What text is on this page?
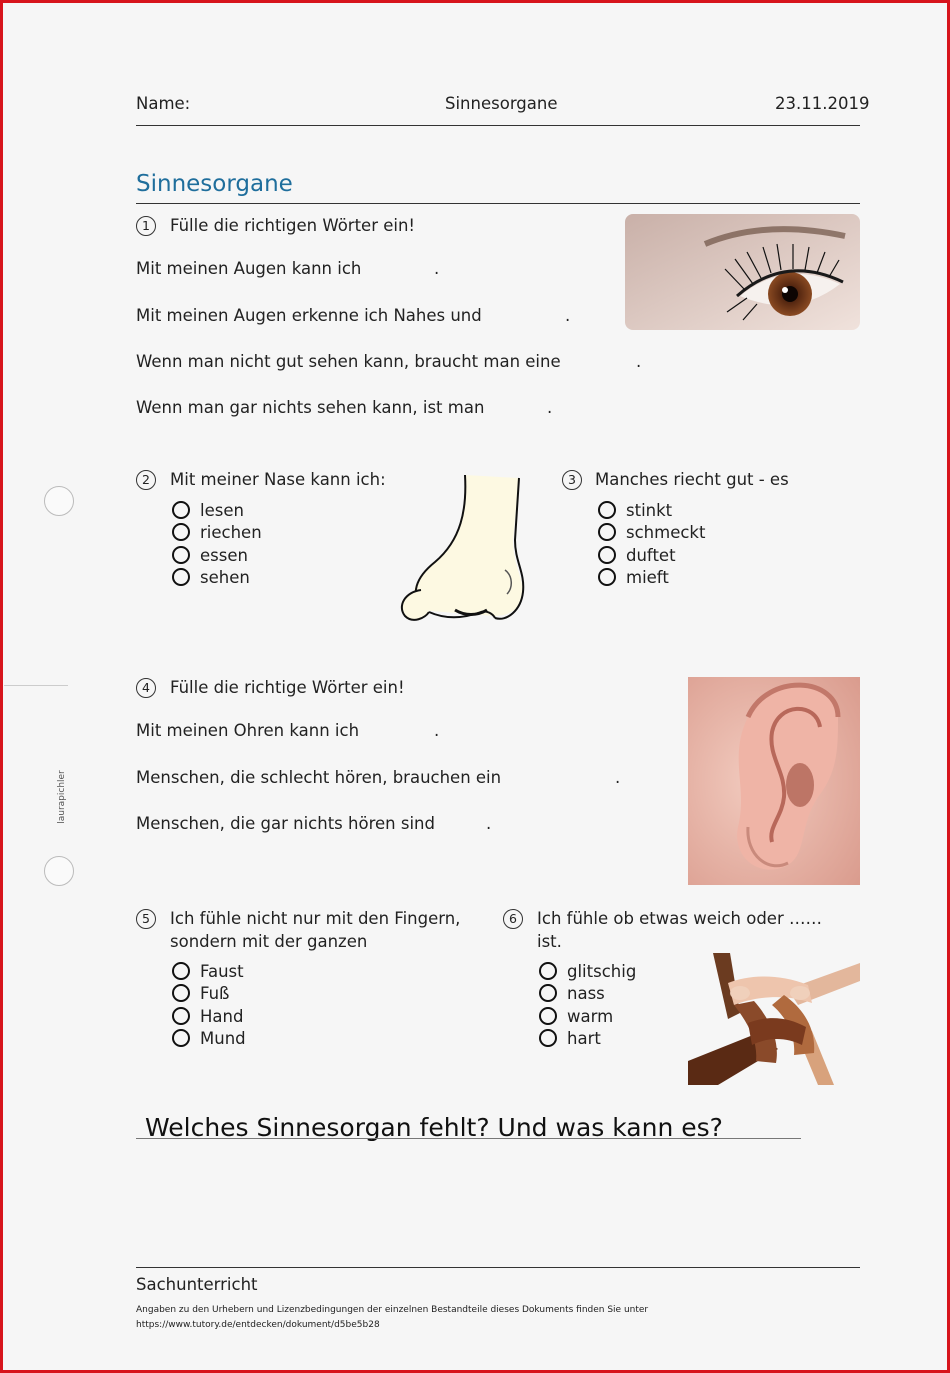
laurapichler
Name:	Sinnesorgane	23.11.2019
Sinnesorgane
1	Fülle die richtigen Wörter ein!
Mit meinen Augen kann ich	.
Mit meinen Augen erkenne ich Nahes und	.
Wenn man nicht gut sehen kann, braucht man eine	.
Wenn man gar nichts sehen kann, ist man	.
2	Mit meiner Nase kann ich:
lesen
riechen
essen
sehen
3	Manches riecht gut - es
stinkt
schmeckt
duftet
mieft
4	Fülle die richtige Wörter ein!
Mit meinen Ohren kann ich	.
Menschen, die schlecht hören, brauchen ein	.
Menschen, die gar nichts hören sind	.
5	Ich fühle nicht nur mit den Fingern,
sondern mit der ganzen
Faust
Fuß
Hand
Mund
6	Ich fühle ob etwas weich oder ……
ist.
glitschig
nass
warm
hart
Welches Sinnesorgan fehlt? Und was kann es?
Sachunterricht
Angaben zu den Urhebern und Lizenzbedingungen der einzelnen Bestandteile dieses Dokuments finden Sie unter
https://www.tutory.de/entdecken/dokument/d5be5b28
